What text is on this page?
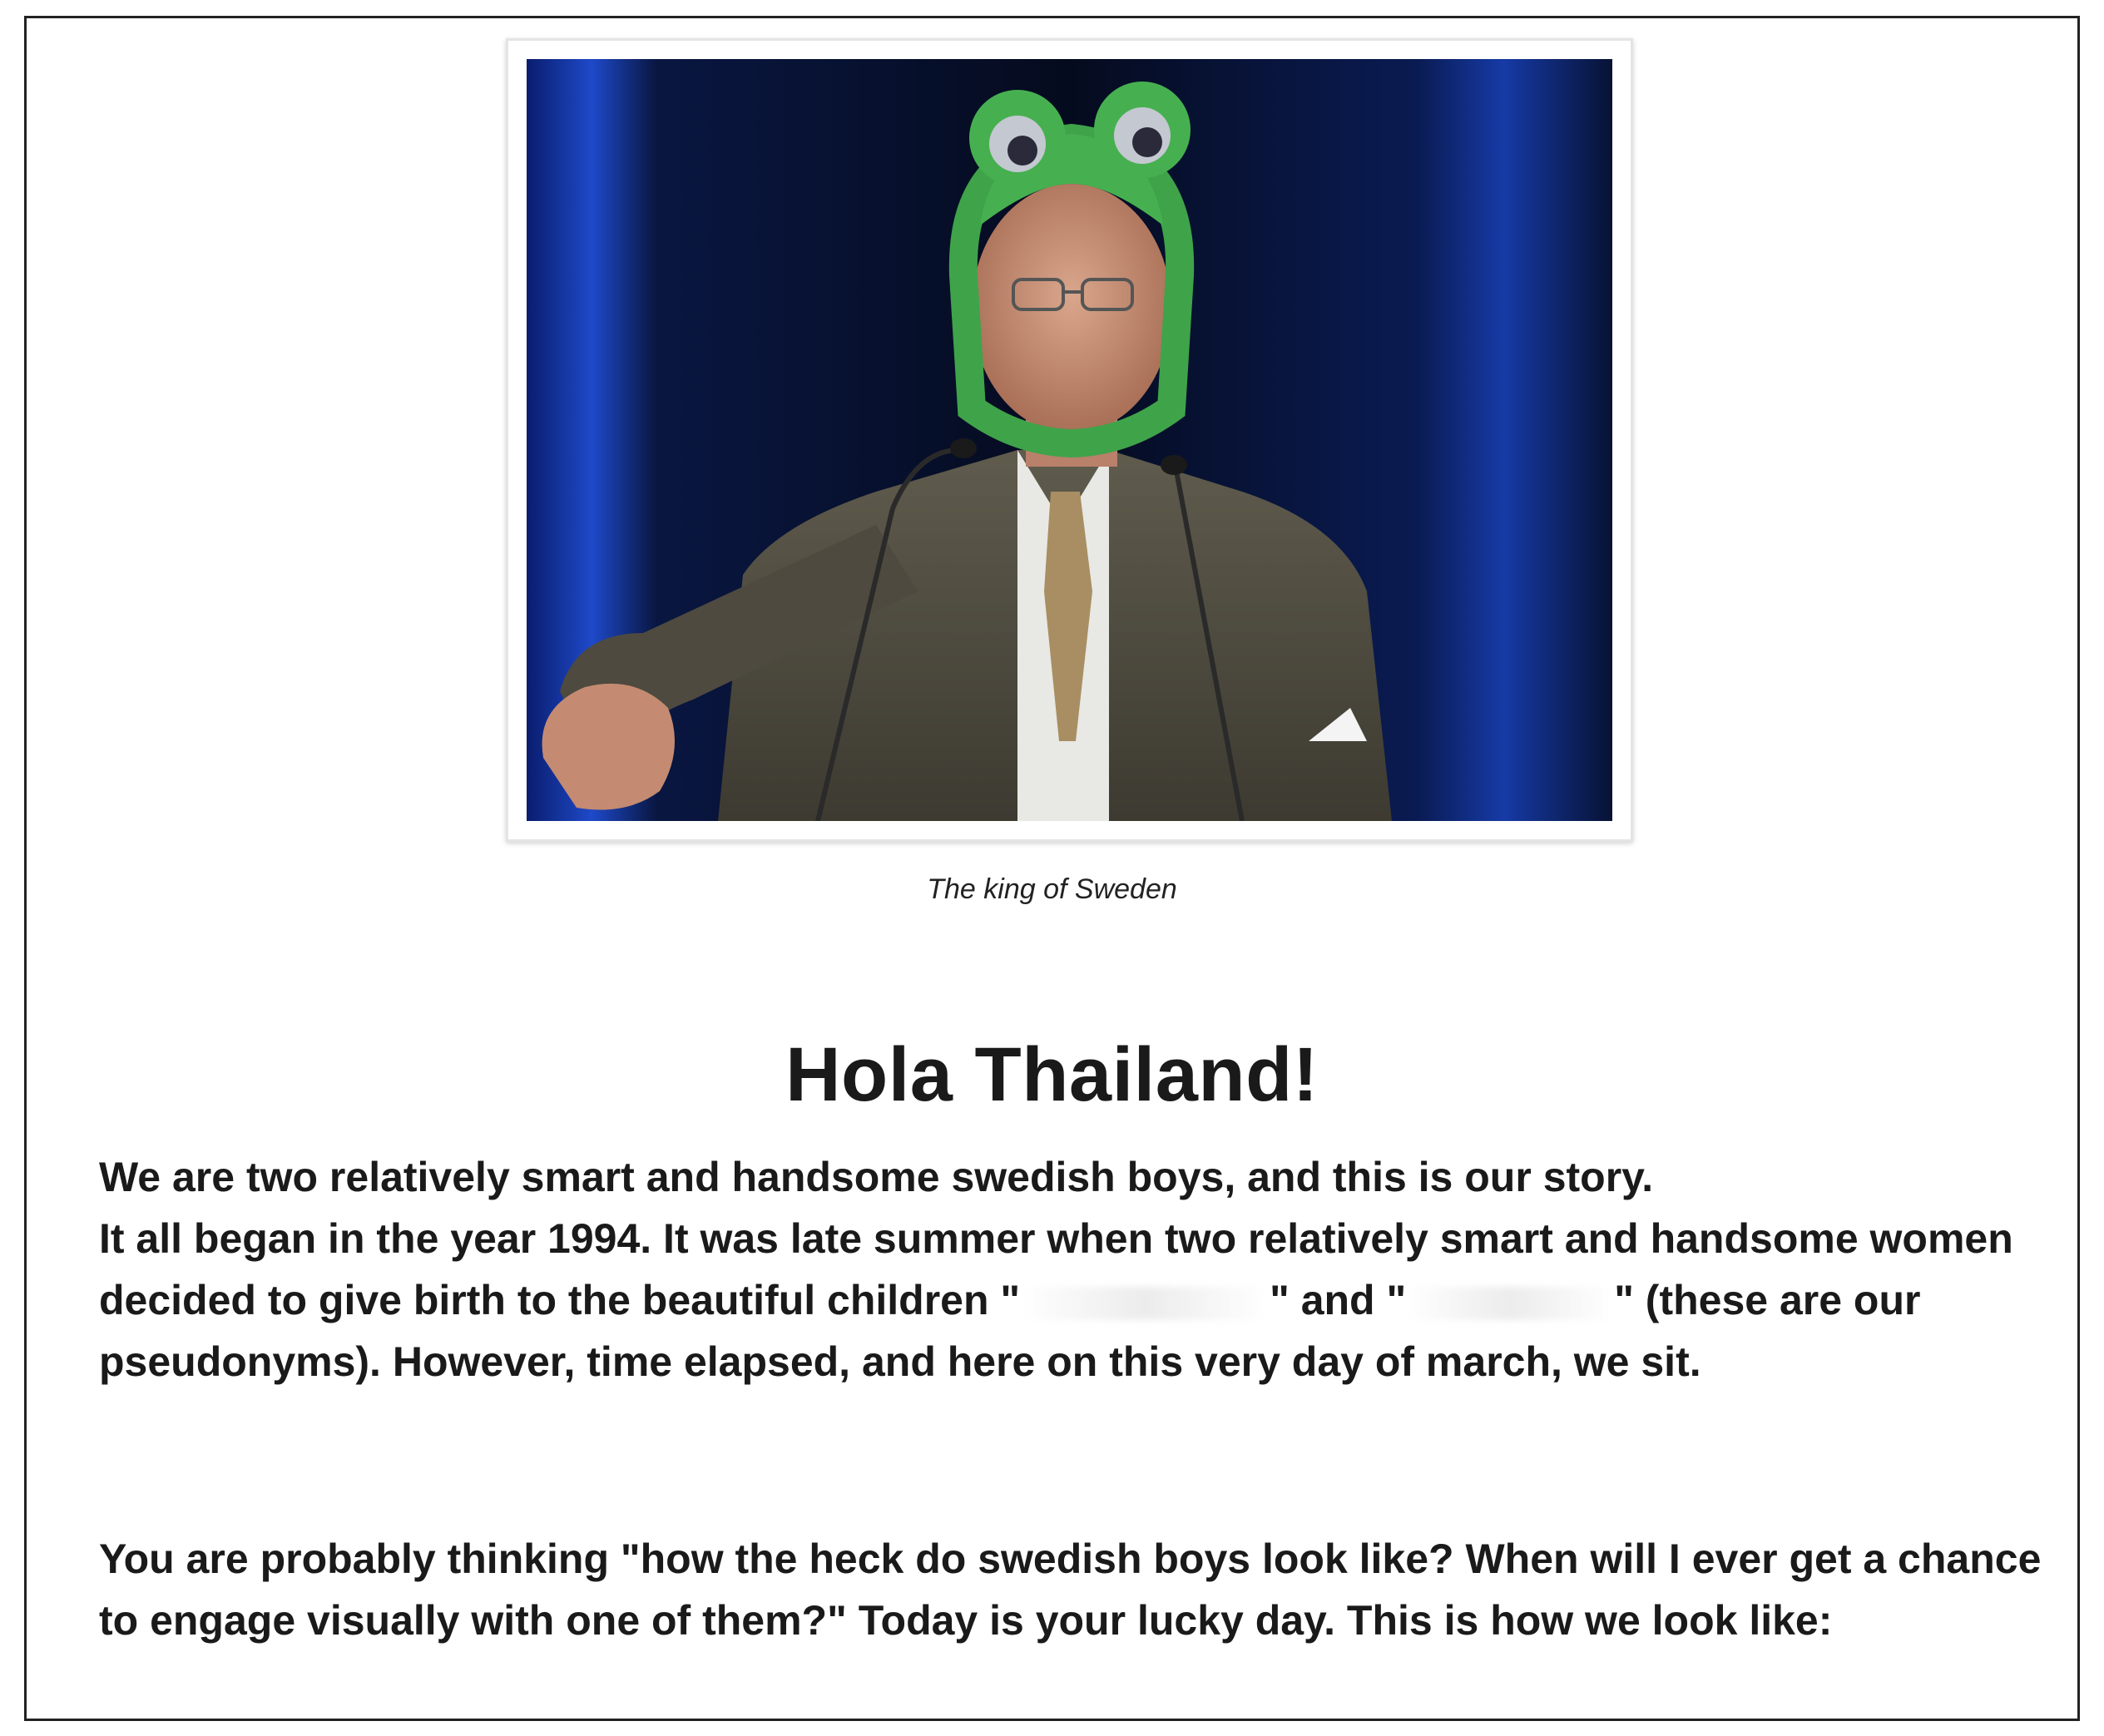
The king of Sweden
Hola Thailand!

We are two relatively smart and handsome swedish boys, and this is our story.
It all began in the year 1994. It was late summer when two relatively smart and handsome women decided to give birth to the beautiful children "	" and "	" (these are our pseudonyms). However, time elapsed, and here on this very day of march, we sit.

You are probably thinking "how the heck do swedish boys look like? When will I ever get a chance to engage visually with one of them?" Today is your lucky day. This is how we look like:
